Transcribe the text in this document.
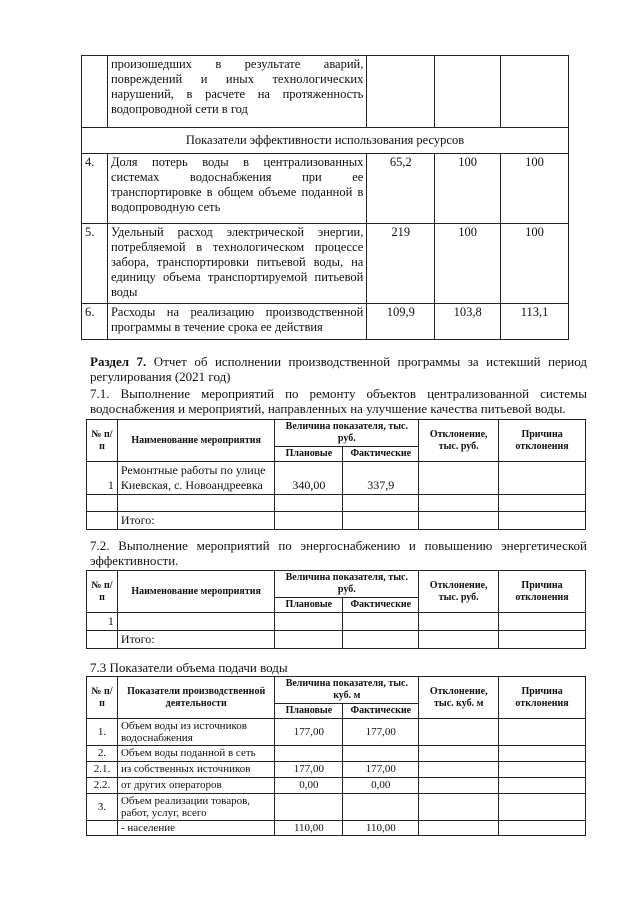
	произошедших в результате аварий, повреждений и иных технологических нарушений, в расчете на протяженность водопроводной сети в год			
Показатели эффективности использования ресурсов				
4.	Доля потерь воды в централизованных системах водоснабжения при ее транспортировке в общем объеме поданной в водопроводную сеть	65,2	100	100
5.	Удельный расход электрической энергии, потребляемой в технологическом процессе забора, транспортировки питьевой воды, на единицу объема транспортируемой питьевой воды	219	100	100
6.	Расходы на реализацию производственной программы в течение срока ее действия	109,9	103,8	113,1
Раздел 7. Отчет об исполнении производственной программы за истекший период регулирования (2021 год)
7.1. Выполнение мероприятий по ремонту объектов централизованной системы водоснабжения и мероприятий, направленных на улучшение качества питьевой воды.
№ п/п	Наименование мероприятия	Величина показателя, тыс. руб.		Отклонение, тыс. руб.	Причина отклонения
		Плановые	Фактические		
1	Ремонтные работы по улице Киевская, с. Новоандреевка	340,00	337,9		

	Итого:				
7.2. Выполнение мероприятий по энергоснабжению и повышению энергетической эффективности.
№ п/п	Наименование мероприятия	Величина показателя, тыс. руб.		Отклонение, тыс. руб.	Причина отклонения
		Плановые	Фактические		
1					
	Итого:				
7.3 Показатели объема подачи воды
№ п/п	Показатели производственной деятельности	Величина показателя, тыс. куб. м		Отклонение, тыс. куб. м	Причина отклонения
		Плановые	Фактические		
1.	Объем воды из источников водоснабжения	177,00	177,00		
2.	Объем воды поданной в сеть				
2.1.	из собственных источников	177,00	177,00		
2.2.	от других операторов	0,00	0,00		
3.	Объем реализации товаров, работ, услуг, всего				
	- население	110,00	110,00		
